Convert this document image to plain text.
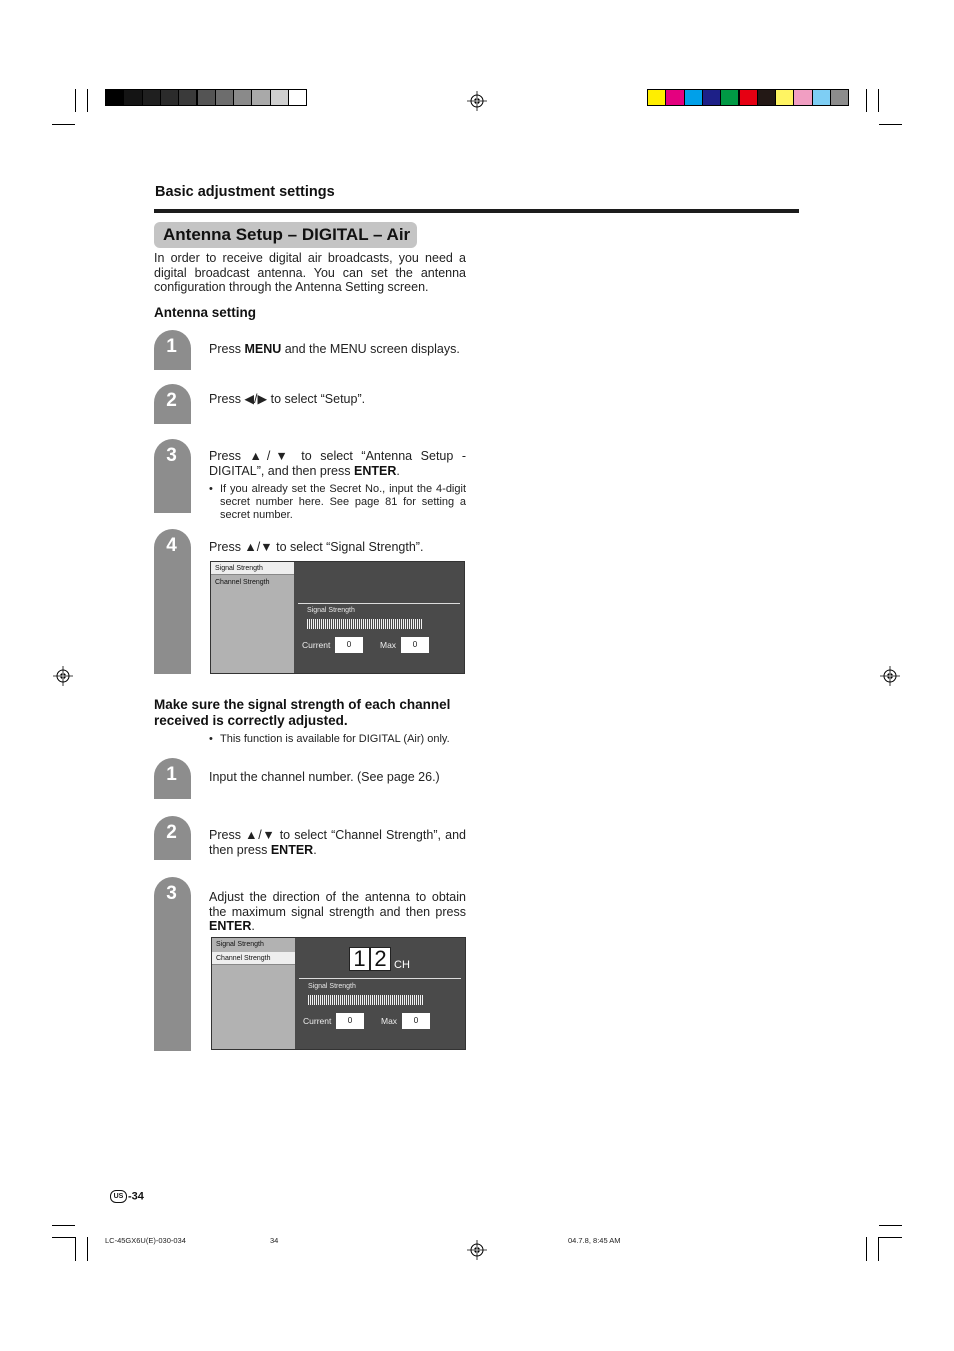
Basic adjustment settings
Antenna Setup – DIGITAL – Air
In order to receive digital air broadcasts, you need a digital broadcast antenna. You can set the antenna configuration through the Antenna Setting screen.
Antenna setting
1	Press MENU and the MENU screen displays.
2	Press ◀/▶ to select “Setup”.
3	Press ▲/▼ to select “Antenna Setup - DIGITAL”, and then press ENTER.
• If you already set the Secret No., input the 4-digit secret number here. See page 81 for setting a secret number.
4	Press ▲/▼ to select “Signal Strength”.
Signal Strength
Channel Strength
Signal Strength
Current	0	Max	0
Make sure the signal strength of each channel received is correctly adjusted.
• This function is available for DIGITAL (Air) only.
1	Input the channel number. (See page 26.)
2	Press ▲/▼ to select “Channel Strength”, and then press ENTER.
3	Adjust the direction of the antenna to obtain the maximum signal strength and then press ENTER.
Signal Strength
Channel Strength	1 2 CH
Signal Strength
Current	0	Max	0
US -34
LC-45GX6U(E)-030-034	34	04.7.8, 8:45 AM
